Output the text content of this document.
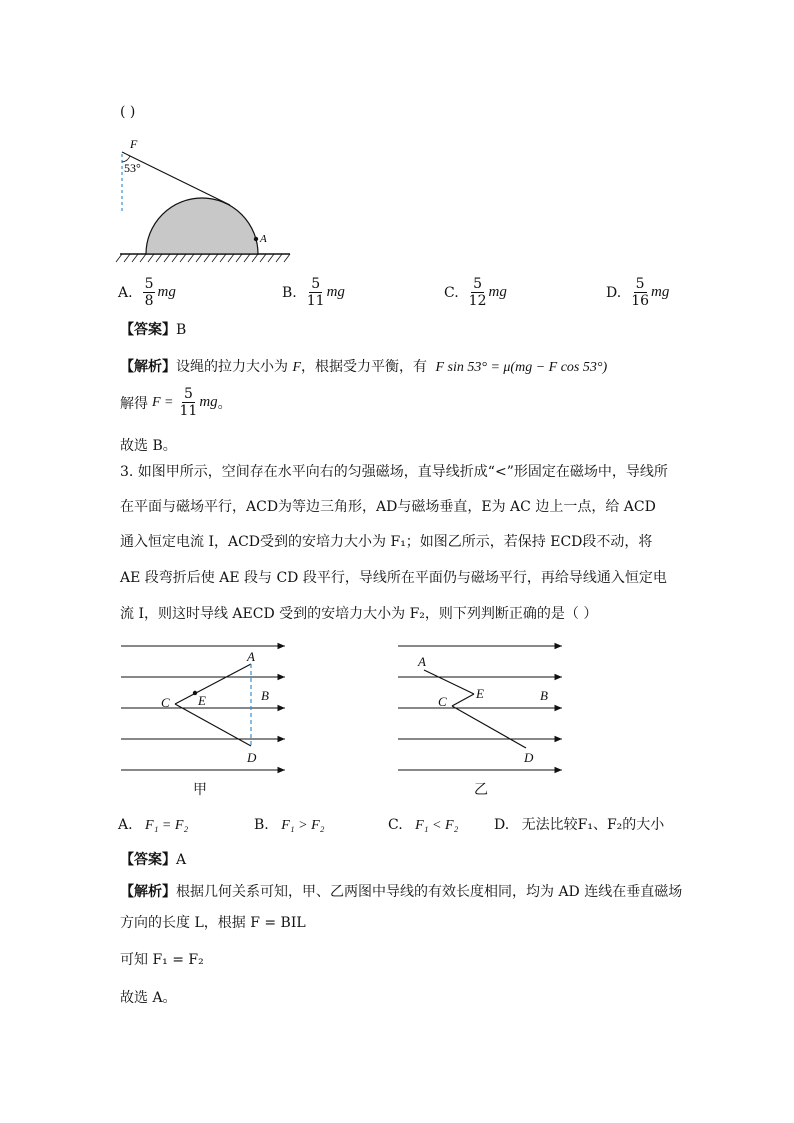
( )
F
53°
A
A. $\frac{5}{8}$ mg	B. $\frac{5}{11}$ mg	C. $\frac{5}{12}$ mg	D. $\frac{5}{16}$ mg
【答案】B
【解析】设绳的拉力大小为 F，根据受力平衡，有 F sin 53° = μ(mg − F cos 53°)
解得 $F = \frac{5}{11}$ mg 。
故选 B。
3. 如图甲所示，空间存在水平向右的匀强磁场，直导线折成“<”形固定在磁场中，导线所
在平面与磁场平行，ACD为等边三角形，AD与磁场垂直，E为 AC 边上一点，给 ACD
通入恒定电流 I，ACD受到的安培力大小为 F₁；如图乙所示，若保持 ECD段不动，将
AE 段弯折后使 AE 段与 CD 段平行，导线所在平面仍与磁场平行，再给导线通入恒定电
流 I，则这时导线 AECD 受到的安培力大小为 F₂，则下列判断正确的是（ ）
A
C E	B
D
甲
A
C
E	B
D
乙
A. F₁ = F₂	B. F₁ > F₂	C. F₁ < F₂	D. 无法比较F₁、F₂的大小
【答案】A
【解析】根据几何关系可知，甲、乙两图中导线的有效长度相同，均为 AD 连线在垂直磁场
方向的长度 L，根据 F = BIL
可知 F₁ = F₂
故选 A。
